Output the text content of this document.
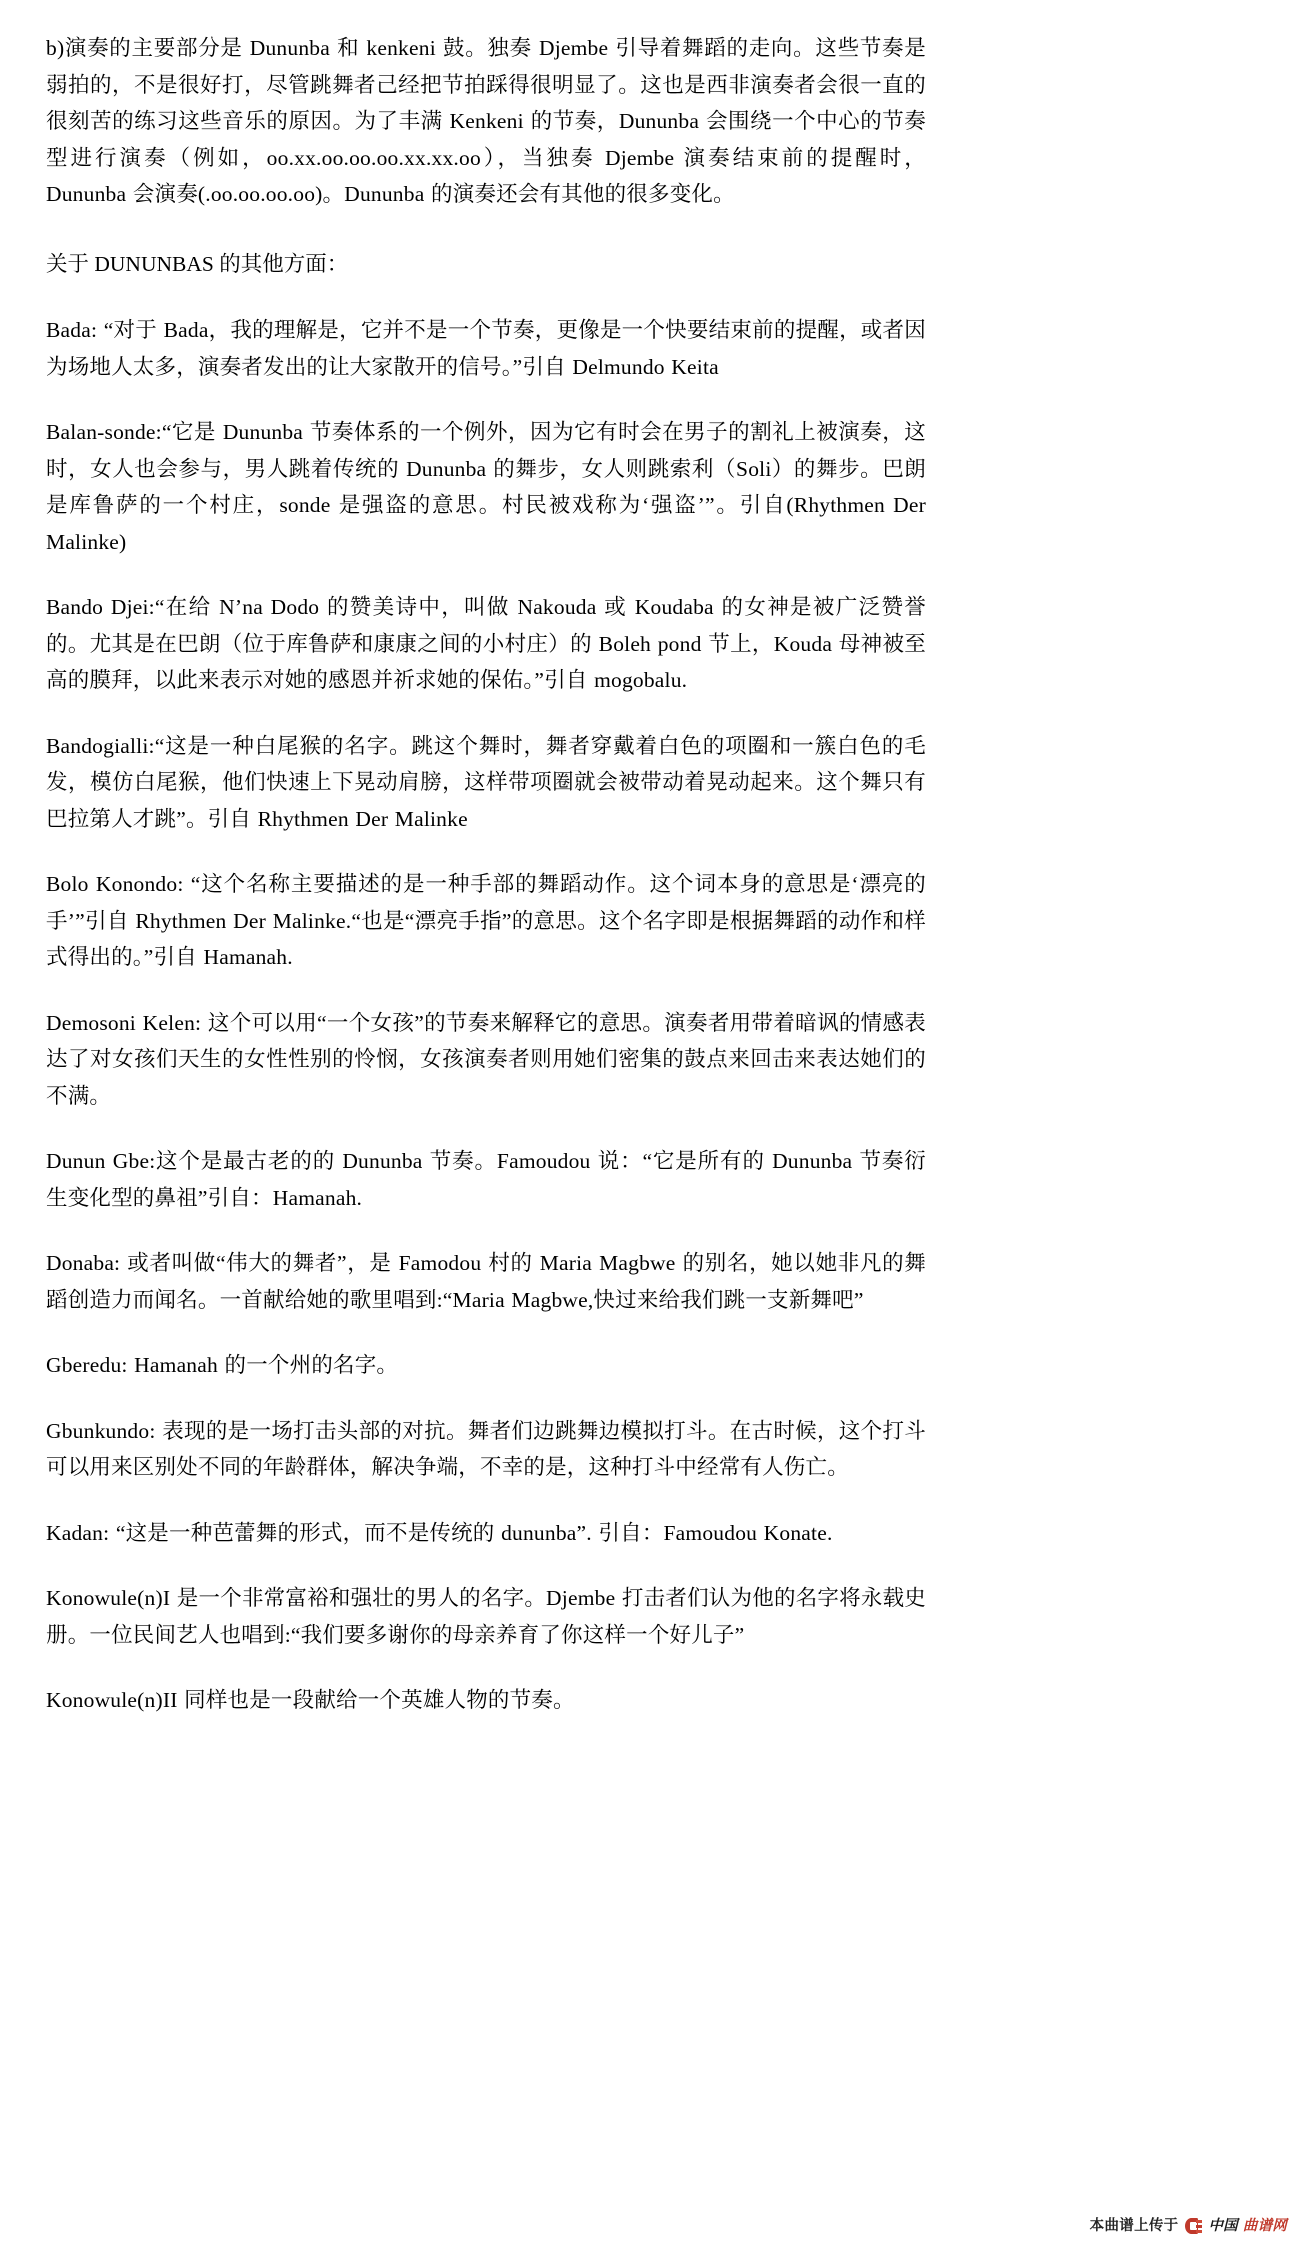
b)演奏的主要部分是 Dununba 和 kenkeni 鼓。独奏 Djembe 引导着舞蹈的走向。这些节奏是弱拍的，不是很好打，尽管跳舞者己经把节拍踩得很明显了。这也是西非演奏者会很一直的很刻苦的练习这些音乐的原因。为了丰满 Kenkeni 的节奏，Dununba 会围绕一个中心的节奏型进行演奏（例如，oo.xx.oo.oo.oo.xx.xx.oo），当独奏 Djembe 演奏结束前的提醒时，Dununba 会演奏(.oo.oo.oo.oo)。Dununba 的演奏还会有其他的很多变化。

关于 DUNUNBAS 的其他方面：

Bada: “对于 Bada，我的理解是，它并不是一个节奏，更像是一个快要结束前的提醒，或者因为场地人太多，演奏者发出的让大家散开的信号。”引自 Delmundo Keita

Balan-sonde:“它是 Dununba 节奏体系的一个例外，因为它有时会在男子的割礼上被演奏，这时，女人也会参与，男人跳着传统的 Dununba 的舞步，女人则跳索利（Soli）的舞步。巴朗是库鲁萨的一个村庄，sonde 是强盗的意思。村民被戏称为‘强盗’”。引自(Rhythmen Der Malinke)

Bando Djei:“在给 N’na Dodo 的赞美诗中，叫做 Nakouda 或 Koudaba 的女神是被广泛赞誉的。尤其是在巴朗（位于库鲁萨和康康之间的小村庄）的 Boleh pond 节上，Kouda 母神被至高的膜拜，以此来表示对她的感恩并祈求她的保佑。”引自 mogobalu.

Bandogialli:“这是一种白尾猴的名字。跳这个舞时，舞者穿戴着白色的项圈和一簇白色的毛发，模仿白尾猴，他们快速上下晃动肩膀，这样带项圈就会被带动着晃动起来。这个舞只有巴拉第人才跳”。引自 Rhythmen Der Malinke

Bolo Konondo: “这个名称主要描述的是一种手部的舞蹈动作。这个词本身的意思是‘漂亮的手’”引自 Rhythmen Der Malinke.“也是“漂亮手指”的意思。这个名字即是根据舞蹈的动作和样式得出的。”引自 Hamanah.

Demosoni Kelen: 这个可以用“一个女孩”的节奏来解释它的意思。演奏者用带着暗讽的情感表达了对女孩们天生的女性性别的怜悯，女孩演奏者则用她们密集的鼓点来回击来表达她们的不满。

Dunun Gbe:这个是最古老的的 Dununba 节奏。Famoudou 说：“它是所有的 Dununba 节奏衍生变化型的鼻祖”引自：Hamanah.

Donaba: 或者叫做“伟大的舞者”，是 Famodou 村的 Maria Magbwe 的别名，她以她非凡的舞蹈创造力而闻名。一首献给她的歌里唱到:“Maria Magbwe,快过来给我们跳一支新舞吧”

Gberedu: Hamanah 的一个州的名字。

Gbunkundo: 表现的是一场打击头部的对抗。舞者们边跳舞边模拟打斗。在古时候，这个打斗可以用来区别处不同的年龄群体，解决争端，不幸的是，这种打斗中经常有人伤亡。

Kadan: “这是一种芭蕾舞的形式，而不是传统的 dununba”. 引自：Famoudou Konate.

Konowule(n)I 是一个非常富裕和强壮的男人的名字。Djembe 打击者们认为他的名字将永载史册。一位民间艺人也唱到:“我们要多谢你的母亲养育了你这样一个好儿子”

Konowule(n)II 同样也是一段献给一个英雄人物的节奏。

本曲谱上传于 中国 曲谱网
